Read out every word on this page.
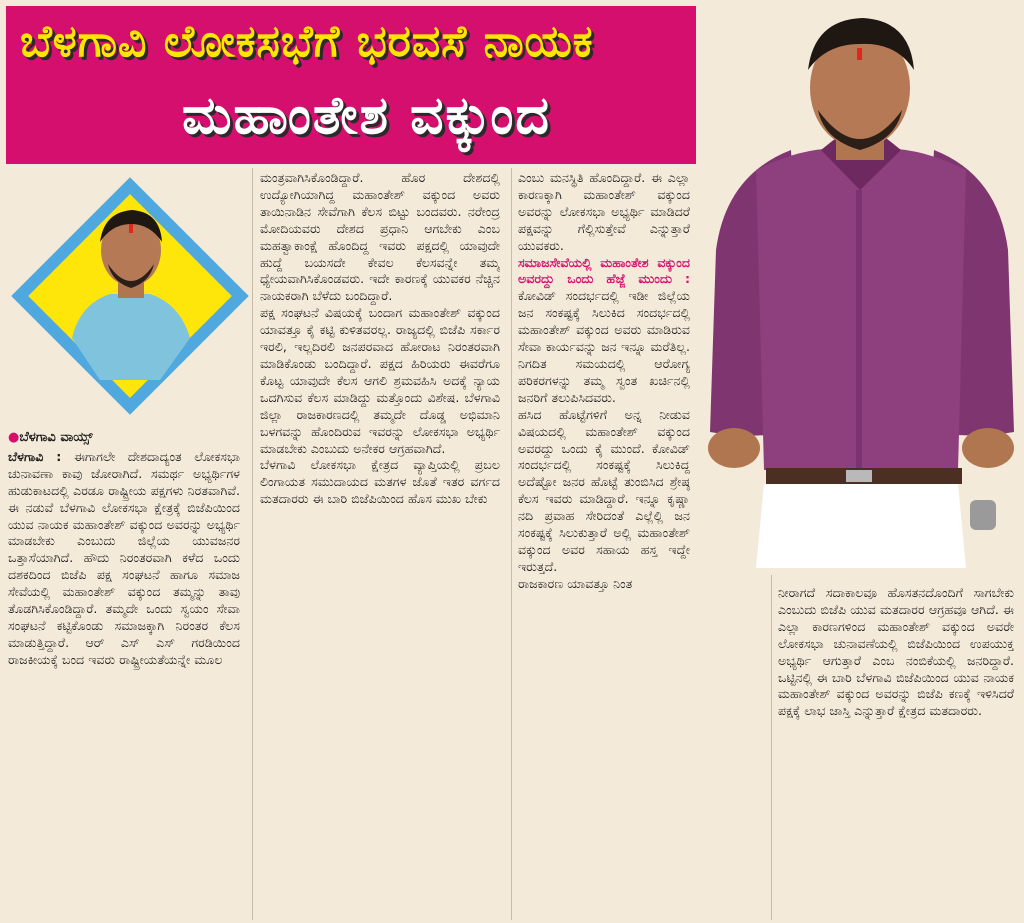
ಬೆಳಗಾವಿ ಲೋಕಸಭೆಗೆ ಭರವಸೆ ನಾಯಕ
ಮಹಾಂತೇಶ ವಕ್ಕುಂದ
●ಬೆಳಗಾವಿ ವಾಯ್ಸ್

ಬೆಳಗಾವಿ : ಈಗಾಗಲೇ ದೇಶದಾದ್ಯಂತ ಲೋಕಸಭಾ ಚುನಾವಣಾ ಕಾವು ಜೋರಾಗಿದೆ. ಸಮರ್ಥ ಅಭ್ಯರ್ಥಿಗಳ ಹುಡುಕಾಟದಲ್ಲಿ ಎರಡೂ ರಾಷ್ಟ್ರೀಯ ಪಕ್ಷಗಳು ನಿರತವಾಗಿವೆ. ಈ ನಡುವೆ ಬೆಳಗಾವಿ ಲೋಕಸಭಾ ಕ್ಷೇತ್ರಕ್ಕೆ ಬಿಜೆಪಿಯಿಂದ ಯುವ ನಾಯಕ ಮಹಾಂತೇಶ್ ವಕ್ಕುಂದ ಅವರನ್ನು ಅಭ್ಯರ್ಥಿ ಮಾಡಬೇಕು ಎಂಬುದು ಜಿಲ್ಲೆಯ ಯುವಜನರ ಒತ್ತಾಸೆಯಾಗಿದೆ. ಹೌದು ನಿರಂತರವಾಗಿ ಕಳೆದ ಒಂದು ದಶಕದಿಂದ ಬಿಜೆಪಿ ಪಕ್ಷ ಸಂಘಟನೆ ಹಾಗೂ ಸಮಾಜ ಸೇವೆಯಲ್ಲಿ ಮಹಾಂತೇಶ್ ವಕ್ಕುಂದ ತಮ್ಮನ್ನು ತಾವು ತೊಡಗಿಸಿಕೊಂಡಿದ್ದಾರೆ. ತಮ್ಮದೇ ಒಂದು ಸ್ವಯಂ ಸೇವಾ ಸಂಘಟನೆ ಕಟ್ಟಿಕೊಂಡು ಸಮಾಜಕ್ಕಾಗಿ ನಿರಂತರ ಕೆಲಸ ಮಾಡುತ್ತಿದ್ದಾರೆ. ಆರ್ ಎಸ್ ಎಸ್ ಗರಡಿಯಿಂದ ರಾಜಕೀಯಕ್ಕೆ ಬಂದ ಇವರು ರಾಷ್ಟ್ರೀಯತೆಯನ್ನೇ ಮೂಲ

ಮಂತ್ರವಾಗಿಸಿಕೊಂಡಿದ್ದಾರೆ. ಹೊರ ದೇಶದಲ್ಲಿ ಉದ್ಯೋಗಿಯಾಗಿದ್ದ ಮಹಾಂತೇಶ್ ವಕ್ಕುಂದ ಅವರು ತಾಯಿನಾಡಿನ ಸೇವೆಗಾಗಿ ಕೆಲಸ ಬಿಟ್ಟು ಬಂದವರು. ನರೇಂದ್ರ ಮೋದಿಯವರು ದೇಶದ ಪ್ರಧಾನಿ ಆಗಬೇಕು ಎಂಬ ಮಹತ್ವಾಕಾಂಕ್ಷೆ ಹೊಂದಿದ್ದ ಇವರು ಪಕ್ಷದಲ್ಲಿ ಯಾವುದೇ ಹುದ್ದೆ ಬಯಸದೇ ಕೇವಲ ಕೆಲಸವನ್ನೇ ತಮ್ಮ ಧ್ಯೇಯವಾಗಿಸಿಕೊಂಡವರು. ಇದೇ ಕಾರಣಕ್ಕೆ ಯುವಕರ ನೆಚ್ಚಿನ ನಾಯಕರಾಗಿ ಬೆಳೆದು ಬಂದಿದ್ದಾರೆ.

ಪಕ್ಷ ಸಂಘಟನೆ ವಿಷಯಕ್ಕೆ ಬಂದಾಗ ಮಹಾಂತೇಶ್ ವಕ್ಕುಂದ ಯಾವತ್ತೂ ಕೈ ಕಟ್ಟಿ ಕುಳಿತವರಲ್ಲ. ರಾಜ್ಯದಲ್ಲಿ ಬಿಜೆಪಿ ಸರ್ಕಾರ ಇರಲಿ, ಇಲ್ಲದಿರಲಿ ಜನಪರವಾದ ಹೋರಾಟ ನಿರಂತರವಾಗಿ ಮಾಡಿಕೊಂಡು ಬಂದಿದ್ದಾರೆ. ಪಕ್ಷದ ಹಿರಿಯರು ಈವರೆಗೂ ಕೊಟ್ಟ ಯಾವುದೇ ಕೆಲಸ ಆಗಲಿ ಶ್ರಮವಹಿಸಿ ಅದಕ್ಕೆ ನ್ಯಾಯ ಒದಗಿಸುವ ಕೆಲಸ ಮಾಡಿದ್ದು ಮತ್ತೊಂದು ವಿಶೇಷ. ಬೆಳಗಾವಿ ಜಿಲ್ಲಾ ರಾಜಕಾರಣದಲ್ಲಿ ತಮ್ಮದೇ ದೊಡ್ಡ ಅಭಿಮಾನಿ ಬಳಗವನ್ನು ಹೊಂದಿರುವ ಇವರನ್ನು ಲೋಕಸಭಾ ಅಭ್ಯರ್ಥಿ ಮಾಡಬೇಕು ಎಂಬುದು ಅನೇಕರ ಆಗ್ರಹವಾಗಿದೆ.

ಬೆಳಗಾವಿ ಲೋಕಸಭಾ ಕ್ಷೇತ್ರದ ವ್ಯಾಪ್ತಿಯಲ್ಲಿ ಪ್ರಬಲ ಲಿಂಗಾಯತ ಸಮುದಾಯದ ಮತಗಳ ಜೊತೆ ಇತರ ವರ್ಗದ ಮತದಾರರು ಈ ಬಾರಿ ಬಿಜೆಪಿಯಿಂದ ಹೊಸ ಮುಖ ಬೇಕು

ಎಂಬು ಮನಸ್ಥಿತಿ ಹೊಂದಿದ್ದಾರೆ. ಈ ಎಲ್ಲಾ ಕಾರಣಕ್ಕಾಗಿ ಮಹಾಂತೇಶ್ ವಕ್ಕುಂದ ಅವರನ್ನು ಲೋಕಸಭಾ ಅಭ್ಯರ್ಥಿ ಮಾಡಿದರೆ ಪಕ್ಷವನ್ನು ಗೆಲ್ಲಿಸುತ್ತೇವೆ ಎನ್ನುತ್ತಾರೆ ಯುವಕರು.

ಸಮಾಜಸೇವೆಯಲ್ಲಿ ಮಹಾಂತೇಶ ವಕ್ಕುಂದ ಅವರದ್ದು ಒಂದು ಹೆಜ್ಜೆ ಮುಂದು : ಕೋವಿಡ್ ಸಂದರ್ಭದಲ್ಲಿ ಇಡೀ ಜಿಲ್ಲೆಯ ಜನ ಸಂಕಷ್ಟಕ್ಕೆ ಸಿಲುಕಿದ ಸಂದರ್ಭದಲ್ಲಿ ಮಹಾಂತೇಶ್ ವಕ್ಕುಂದ ಅವರು ಮಾಡಿರುವ ಸೇವಾ ಕಾರ್ಯವನ್ನು ಜನ ಇನ್ನೂ ಮರೆತಿಲ್ಲ. ನಿಗದಿತ ಸಮಯದಲ್ಲಿ ಆರೋಗ್ಯ ಪರಿಕರಗಳನ್ನು ತಮ್ಮ ಸ್ವಂತ ಖರ್ಚಿನಲ್ಲಿ ಜನರಿಗೆ ತಲುಪಿಸಿದವರು.

ಹಸಿದ ಹೊಟ್ಟೆಗಳಿಗೆ ಅನ್ನ ನೀಡುವ ವಿಷಯದಲ್ಲಿ ಮಹಾಂತೇಶ್ ವಕ್ಕುಂದ ಅವರದ್ದು ಒಂದು ಕೈ ಮುಂದೆ. ಕೋವಿಡ್ ಸಂದರ್ಭದಲ್ಲಿ ಸಂಕಷ್ಟಕ್ಕೆ ಸಿಲುಕಿದ್ದ ಅದೆಷ್ಟೋ ಜನರ ಹೊಟ್ಟೆ ತುಂಬಿಸಿದ ಶ್ರೇಷ್ಠ ಕೆಲಸ ಇವರು ಮಾಡಿದ್ದಾರೆ. ಇನ್ನೂ ಕೃಷ್ಣಾ ನದಿ ಪ್ರವಾಹ ಸೇರಿದಂತೆ ಎಲ್ಲೆಲ್ಲಿ ಜನ ಸಂಕಷ್ಟಕ್ಕೆ ಸಿಲುಕುತ್ತಾರೆ ಅಲ್ಲಿ ಮಹಾಂತೇಶ್ ವಕ್ಕುಂದ ಅವರ ಸಹಾಯ ಹಸ್ತ ಇದ್ದೇ ಇರುತ್ತದೆ.

ರಾಜಕಾರಣ ಯಾವತ್ತೂ ನಿಂತ

ನೀರಾಗದೆ ಸದಾಕಾಲವೂ ಹೊಸತನದೊಂದಿಗೆ ಸಾಗಬೇಕು ಎಂಬುದು ಬಿಜೆಪಿ ಯುವ ಮತದಾರರ ಆಗ್ರಹವೂ ಆಗಿದೆ. ಈ ಎಲ್ಲಾ ಕಾರಣಗಳಿಂದ ಮಹಾಂತೇಶ್ ವಕ್ಕುಂದ ಅವರೇ ಲೋಕಸಭಾ ಚುನಾವಣೆಯಲ್ಲಿ ಬಿಜೆಪಿಯಿಂದ ಉಪಯುಕ್ತ ಅಭ್ಯರ್ಥಿ ಆಗುತ್ತಾರೆ ಎಂಬ ನಂಬಿಕೆಯಲ್ಲಿ ಜನರಿದ್ದಾರೆ. ಒಟ್ಟಿನಲ್ಲಿ ಈ ಬಾರಿ ಬೆಳಗಾವಿ ಬಿಜೆಪಿಯಿಂದ ಯುವ ನಾಯಕ ಮಹಾಂತೇಶ್ ವಕ್ಕುಂದ ಅವರನ್ನು ಬಿಜೆಪಿ ಕಣಕ್ಕೆ ಇಳಿಸಿದರೆ ಪಕ್ಷಕ್ಕೆ ಲಾಭ ಜಾಸ್ತಿ ಎನ್ನುತ್ತಾರೆ ಕ್ಷೇತ್ರದ ಮತದಾರರು.
